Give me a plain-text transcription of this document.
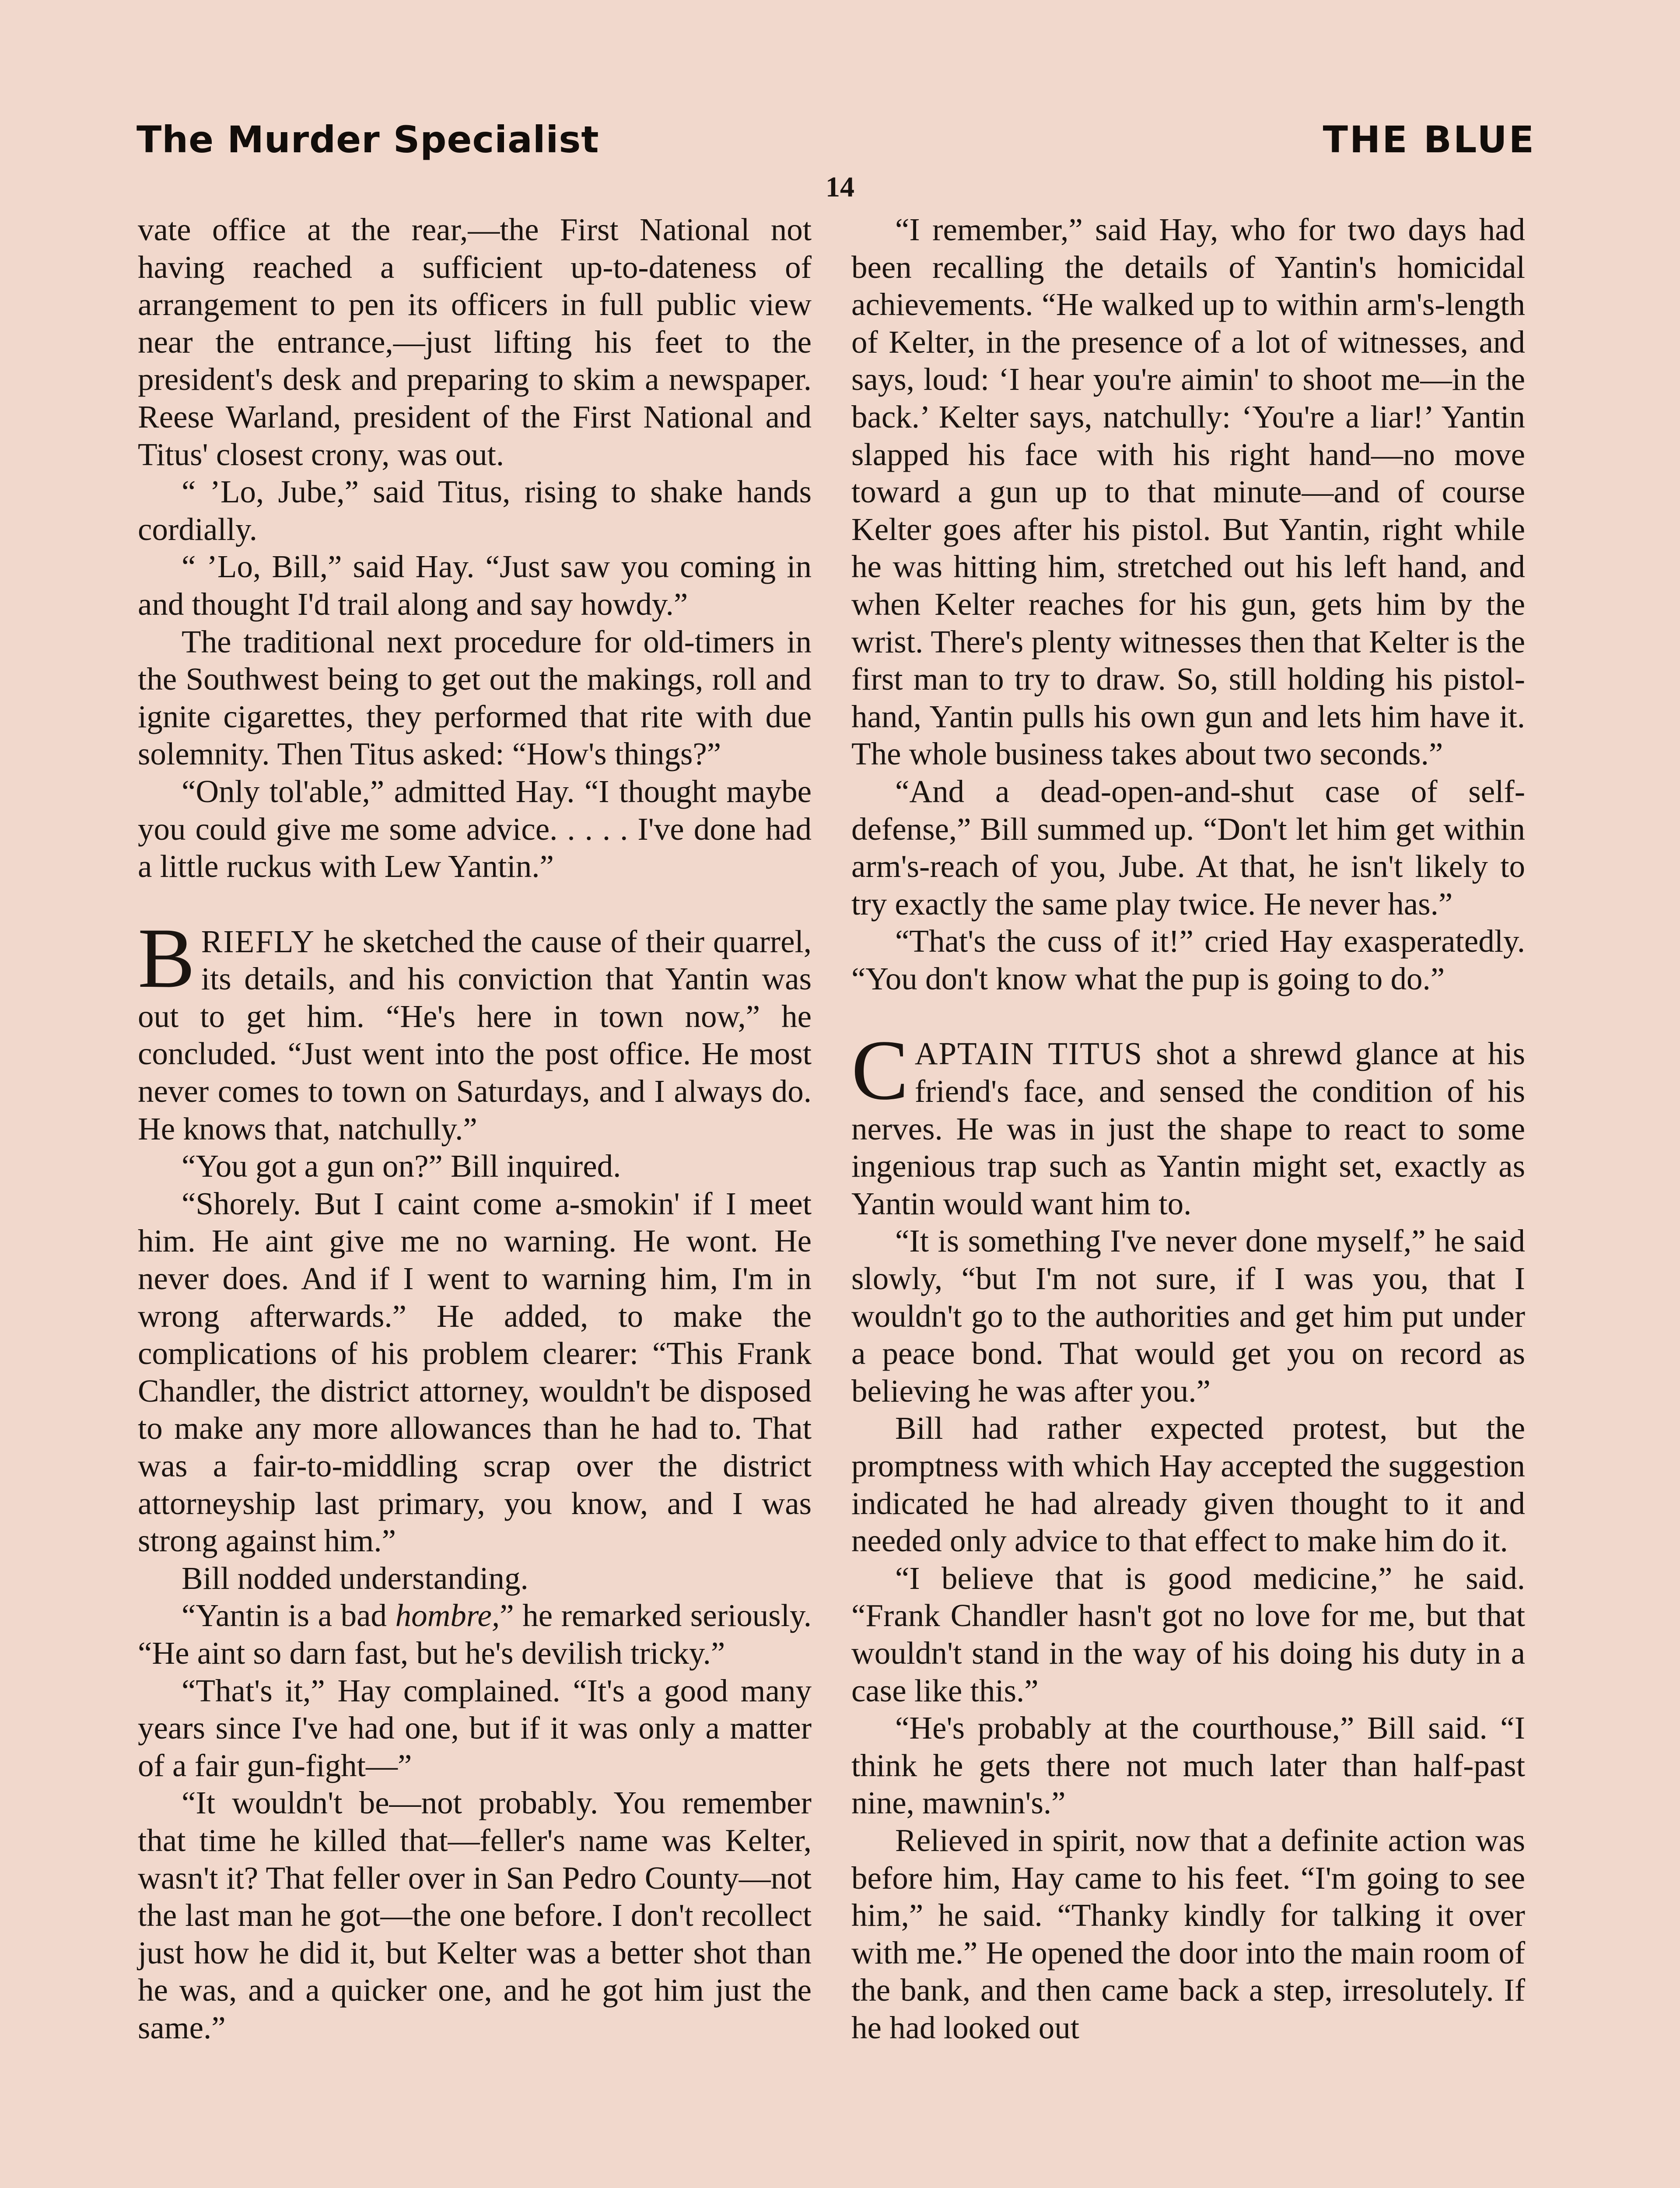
The Murder Specialist	THE BLUE
14

vate office at the rear,—the First National not having reached a sufficient up-to-dateness of arrangement to pen its officers in full public view near the entrance,—just lifting his feet to the president's desk and preparing to skim a newspaper. Reese Warland, president of the First National and Titus' closest crony, was out.

“ ’Lo, Jube,” said Titus, rising to shake hands cordially.

“ ’Lo, Bill,” said Hay. “Just saw you coming in and thought I'd trail along and say howdy.”

The traditional next procedure for old-timers in the Southwest being to get out the makings, roll and ignite cigarettes, they performed that rite with due solemnity. Then Titus asked: “How's things?”

“Only tol'able,” admitted Hay. “I thought maybe you could give me some advice. . . . . I've done had a little ruckus with Lew Yantin.”

BRIEFLY he sketched the cause of their quarrel, its details, and his conviction that Yantin was out to get him. “He's here in town now,” he concluded. “Just went into the post office. He most never comes to town on Saturdays, and I always do. He knows that, natchully.”

“You got a gun on?” Bill inquired.

“Shorely. But I caint come a-smokin' if I meet him. He aint give me no warning. He wont. He never does. And if I went to warning him, I'm in wrong afterwards.” He added, to make the complications of his problem clearer: “This Frank Chandler, the district attorney, wouldn't be disposed to make any more allowances than he had to. That was a fair-to-middling scrap over the district attorneyship last primary, you know, and I was strong against him.”

Bill nodded understanding.

“Yantin is a bad hombre,” he remarked seriously. “He aint so darn fast, but he's devilish tricky.”

“That's it,” Hay complained. “It's a good many years since I've had one, but if it was only a matter of a fair gun-fight—”

“It wouldn't be—not probably. You remember that time he killed that—feller's name was Kelter, wasn't it? That feller over in San Pedro County—not the last man he got—the one before. I don't recollect just how he did it, but Kelter was a better shot than he was, and a quicker one, and he got him just the same.”

“I remember,” said Hay, who for two days had been recalling the details of Yantin's homicidal achievements. “He walked up to within arm's-length of Kelter, in the presence of a lot of witnesses, and says, loud: ‘I hear you're aimin' to shoot me—in the back.’ Kelter says, natchully: ‘You're a liar!’ Yantin slapped his face with his right hand—no move toward a gun up to that minute—and of course Kelter goes after his pistol. But Yantin, right while he was hitting him, stretched out his left hand, and when Kelter reaches for his gun, gets him by the wrist. There's plenty witnesses then that Kelter is the first man to try to draw. So, still holding his pistol-hand, Yantin pulls his own gun and lets him have it. The whole business takes about two seconds.”

“And a dead-open-and-shut case of self-defense,” Bill summed up. “Don't let him get within arm's-reach of you, Jube. At that, he isn't likely to try exactly the same play twice. He never has.”

“That's the cuss of it!” cried Hay exasperatedly. “You don't know what the pup is going to do.”

CAPTAIN TITUS shot a shrewd glance at his friend's face, and sensed the condition of his nerves. He was in just the shape to react to some ingenious trap such as Yantin might set, exactly as Yantin would want him to.

“It is something I've never done myself,” he said slowly, “but I'm not sure, if I was you, that I wouldn't go to the authorities and get him put under a peace bond. That would get you on record as believing he was after you.”

Bill had rather expected protest, but the promptness with which Hay accepted the suggestion indicated he had already given thought to it and needed only advice to that effect to make him do it.

“I believe that is good medicine,” he said. “Frank Chandler hasn't got no love for me, but that wouldn't stand in the way of his doing his duty in a case like this.”

“He's probably at the courthouse,” Bill said. “I think he gets there not much later than half-past nine, mawnin's.”

Relieved in spirit, now that a definite action was before him, Hay came to his feet. “I'm going to see him,” he said. “Thanky kindly for talking it over with me.” He opened the door into the main room of the bank, and then came back a step, irresolutely. If he had looked out
